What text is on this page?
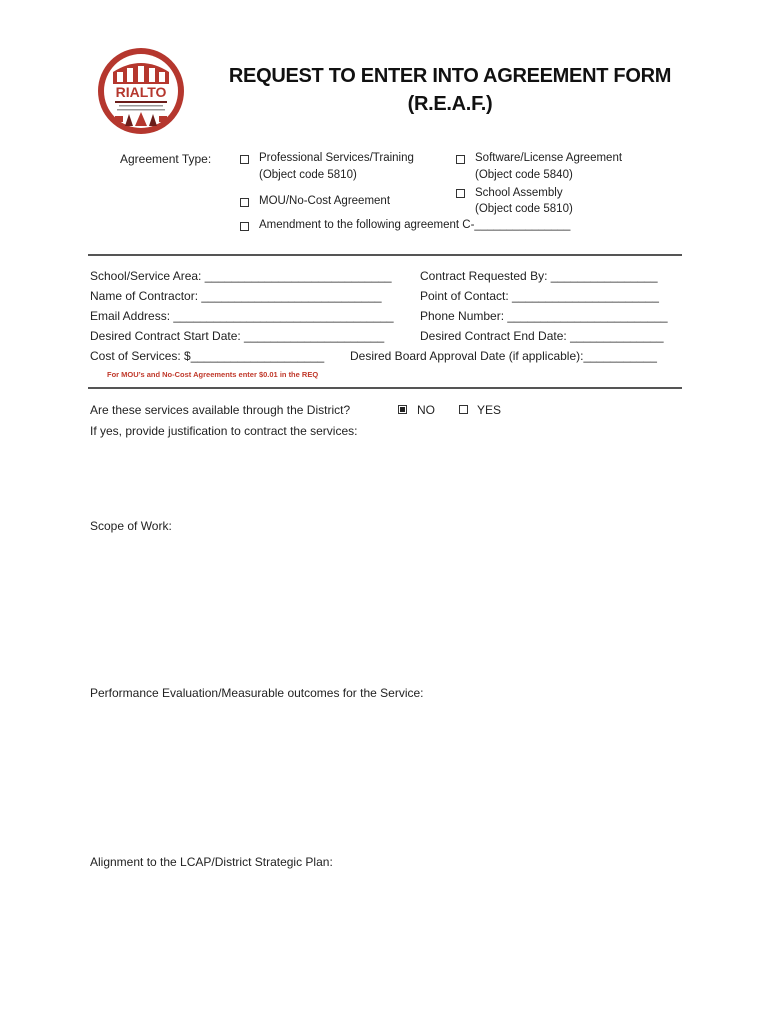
RIALTO
REQUEST TO ENTER INTO AGREEMENT FORM
(R.E.A.F.)
Agreement Type:	Professional Services/Training
(Object code 5810)
Software/License Agreement
(Object code 5840)
MOU/No-Cost Agreement
School Assembly
(Object code 5810)
Amendment to the following agreement C-_______________
School/Service Area: ____________________________ Contract Requested By: ________________
Name of Contractor: ___________________________	Point of Contact: ______________________
Email Address: _________________________________ Phone Number: ________________________
Desired Contract Start Date: _____________________	Desired Contract End Date: ______________
Cost of Services: $____________________ Desired Board Approval Date (if applicable):___________
For MOU’s and No-Cost Agreements enter $0.01 in the REQ
Are these services available through the District?	NO	YES
If yes, provide justification to contract the services:
Scope of Work:
Performance Evaluation/Measurable outcomes for the Service:
Alignment to the LCAP/District Strategic Plan:
